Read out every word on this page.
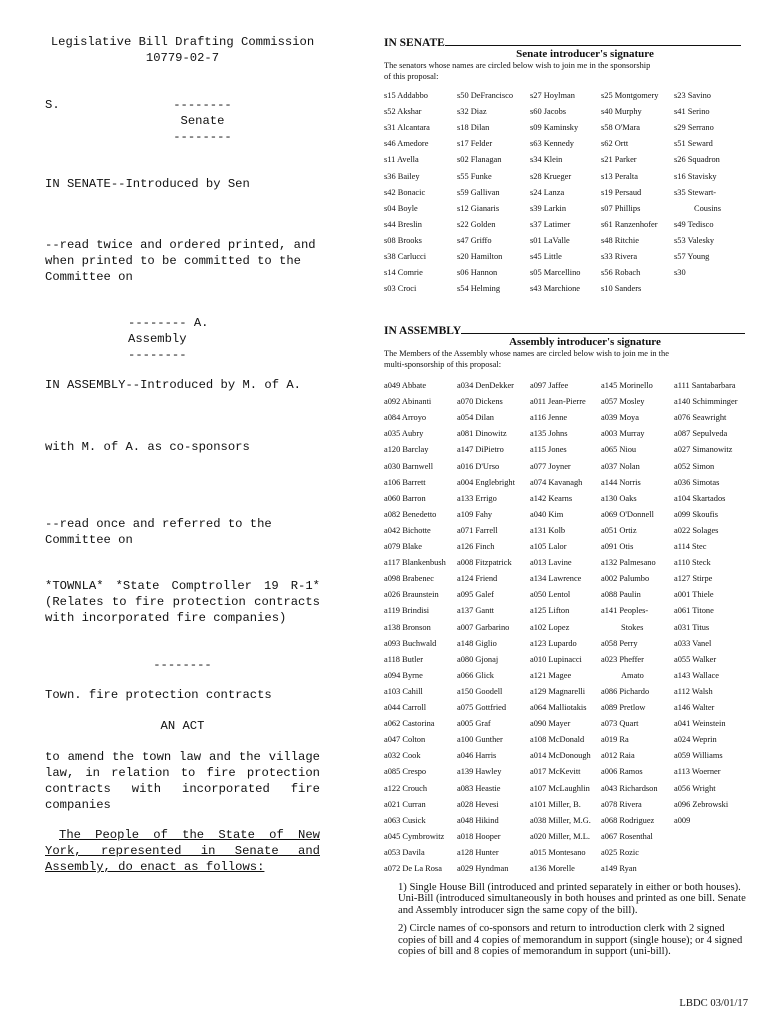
Legislative Bill Drafting Commission
10779-02-7
S.	--------
Senate
--------
IN SENATE--Introduced by Sen
--read twice and ordered printed, and when printed to be committed to the Committee on
-------- A.
Assembly
--------
IN ASSEMBLY--Introduced by M. of A.
with M. of A. as co-sponsors
--read once and referred to the Committee on
*TOWNLA* *State Comptroller 19 R-1* (Relates to fire protection contracts with incorporated fire companies)
--------
Town. fire protection contracts
AN ACT
to amend the town law and the village law, in relation to fire protection contracts with incorporated fire companies
The People of the State of New York, represented in Senate and Assembly, do enact as follows:
IN SENATE
Senate introducer's signature
The senators whose names are circled below wish to join me in the sponsorship
of this proposal:
s15 Addabbo
s52 Akshar
s31 Alcantara
s46 Amedore
s11 Avella
s36 Bailey
s42 Bonacic
s04 Boyle
s44 Breslin
s08 Brooks
s38 Carlucci
s14 Comrie
s03 Croci
s50 DeFrancisco
s32 Diaz
s18 Dilan
s17 Felder
s02 Flanagan
s55 Funke
s59 Gallivan
s12 Gianaris
s22 Golden
s47 Griffo
s20 Hamilton
s06 Hannon
s54 Helming
s27 Hoylman
s60 Jacobs
s09 Kaminsky
s63 Kennedy
s34 Klein
s28 Krueger
s24 Lanza
s39 Larkin
s37 Latimer
s01 LaValle
s45 Little
s05 Marcellino
s43 Marchione
s25 Montgomery
s40 Murphy
s58 O'Mara
s62 Ortt
s21 Parker
s13 Peralta
s19 Persaud
s07 Phillips
s61 Ranzenhofer
s48 Ritchie
s33 Rivera
s56 Robach
s10 Sanders
s23 Savino
s41 Serino
s29 Serrano
s51 Seward
s26 Squadron
s16 Stavisky
s35 Stewart-
Cousins
s49 Tedisco
s53 Valesky
s57 Young
s30
IN ASSEMBLY
Assembly introducer's signature
The Members of the Assembly whose names are circled below wish to join me in the
multi-sponsorship of this proposal:
a049 Abbate
a092 Abinanti
a084 Arroyo
a035 Aubry
a120 Barclay
a030 Barnwell
a106 Barrett
a060 Barron
a082 Benedetto
a042 Bichotte
a079 Blake
a117 Blankenbush
a098 Brabenec
a026 Braunstein
a119 Brindisi
a138 Bronson
a093 Buchwald
a118 Butler
a094 Byrne
a103 Cahill
a044 Carroll
a062 Castorina
a047 Colton
a032 Cook
a085 Crespo
a122 Crouch
a021 Curran
a063 Cusick
a045 Cymbrowitz
a053 Davila
a072 De La Rosa
a034 DenDekker
a070 Dickens
a054 Dilan
a081 Dinowitz
a147 DiPietro
a016 D'Urso
a004 Englebright
a133 Errigo
a109 Fahy
a071 Farrell
a126 Finch
a008 Fitzpatrick
a124 Friend
a095 Galef
a137 Gantt
a007 Garbarino
a148 Giglio
a080 Gjonaj
a066 Glick
a150 Goodell
a075 Gottfried
a005 Graf
a100 Gunther
a046 Harris
a139 Hawley
a083 Heastie
a028 Hevesi
a048 Hikind
a018 Hooper
a128 Hunter
a029 Hyndman
a097 Jaffee
a011 Jean-Pierre
a116 Jenne
a135 Johns
a115 Jones
a077 Joyner
a074 Kavanagh
a142 Kearns
a040 Kim
a131 Kolb
a105 Lalor
a013 Lavine
a134 Lawrence
a050 Lentol
a125 Lifton
a102 Lopez
a123 Lupardo
a010 Lupinacci
a121 Magee
a129 Magnarelli
a064 Malliotakis
a090 Mayer
a108 McDonald
a014 McDonough
a017 McKevitt
a107 McLaughlin
a101 Miller, B.
a038 Miller, M.G.
a020 Miller, M.L.
a015 Montesano
a136 Morelle
a145 Morinello
a057 Mosley
a039 Moya
a003 Murray
a065 Niou
a037 Nolan
a144 Norris
a130 Oaks
a069 O'Donnell
a051 Ortiz
a091 Otis
a132 Palmesano
a002 Palumbo
a088 Paulin
a141 Peoples-
Stokes
a058 Perry
a023 Pheffer
Amato
a086 Pichardo
a089 Pretlow
a073 Quart
a019 Ra
a012 Raia
a006 Ramos
a043 Richardson
a078 Rivera
a068 Rodriguez
a067 Rosenthal
a025 Rozic
a149 Ryan
a111 Santabarbara
a140 Schimminger
a076 Seawright
a087 Sepulveda
a027 Simanowitz
a052 Simon
a036 Simotas
a104 Skartados
a099 Skoufis
a022 Solages
a114 Stec
a110 Steck
a127 Stirpe
a001 Thiele
a061 Titone
a031 Titus
a033 Vanel
a055 Walker
a143 Wallace
a112 Walsh
a146 Walter
a041 Weinstein
a024 Weprin
a059 Williams
a113 Woerner
a056 Wright
a096 Zebrowski
a009

1) Single House Bill (introduced and printed separately in either or both houses). Uni-Bill (introduced simultaneously in both houses and printed as one bill. Senate and Assembly introducer sign the same copy of the bill).

2) Circle names of co-sponsors and return to introduction clerk with 2 signed copies of bill and 4 copies of memorandum in support (single house); or 4 signed copies of bill and 8 copies of memorandum in support (uni-bill).

LBDC 03/01/17
